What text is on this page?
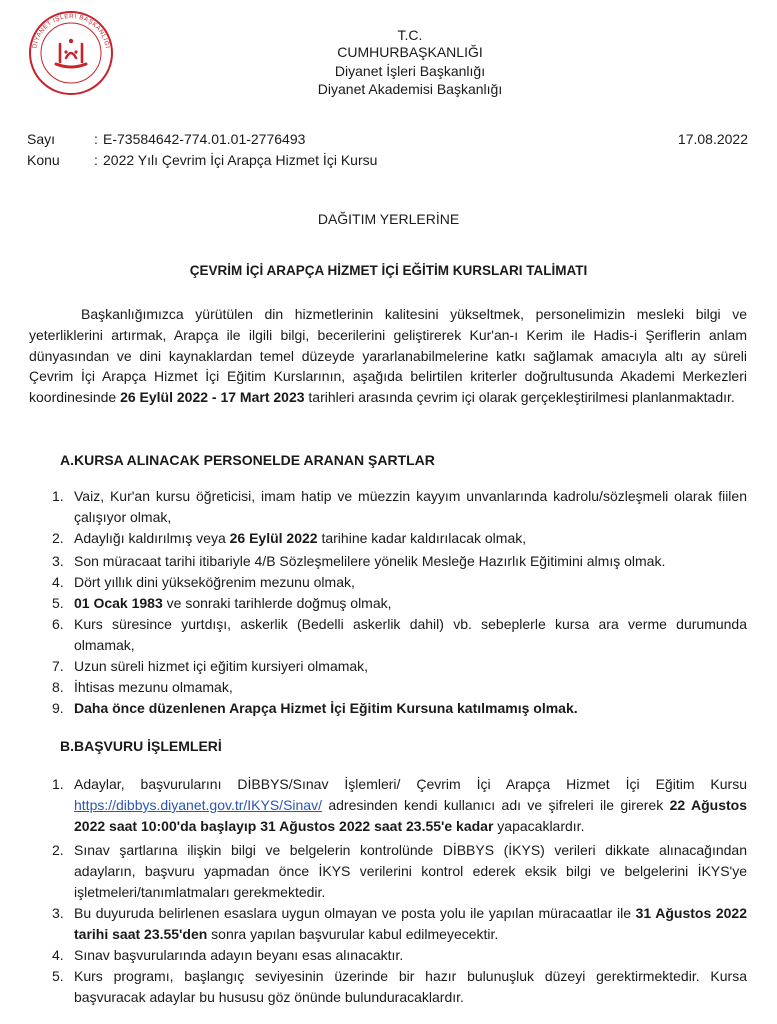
DİYANET İŞLERİ BAŞKANLIĞI
T.C.
CUMHURBAŞKANLIĞI
Diyanet İşleri Başkanlığı
Diyanet Akademisi Başkanlığı
Sayı	: E-73584642-774.01.01-2776493
Konu : 2022 Yılı Çevrim İçi Arapça Hizmet İçi Kursu
17.08.2022
DAĞITIM YERLERİNE
ÇEVRİM İÇİ ARAPÇA HİZMET İÇİ EĞİTİM KURSLARI TALİMATI

Başkanlığımızca yürütülen din hizmetlerinin kalitesini yükseltmek, personelimizin mesleki bilgi ve yeterliklerini artırmak, Arapça ile ilgili bilgi, becerilerini geliştirerek Kur'an-ı Kerim ile Hadis-i Şeriflerin anlam dünyasından ve dini kaynaklardan temel düzeyde yararlanabilmelerine katkı sağlamak amacıyla altı ay süreli Çevrim İçi Arapça Hizmet İçi Eğitim Kurslarının, aşağıda belirtilen kriterler doğrultusunda Akademi Merkezleri koordinesinde 26 Eylül 2022 - 17 Mart 2023 tarihleri arasında çevrim içi olarak gerçekleştirilmesi planlanmaktadır.

A.KURSA ALINACAK PERSONELDE ARANAN ŞARTLAR
1. Vaiz, Kur'an kursu öğreticisi, imam hatip ve müezzin kayyım unvanlarında kadrolu/sözleşmeli olarak fiilen çalışıyor olmak,
2. Adaylığı kaldırılmış veya 26 Eylül 2022 tarihine kadar kaldırılacak olmak,
3. Son müracaat tarihi itibariyle 4/B Sözleşmelilere yönelik Mesleğe Hazırlık Eğitimini almış olmak.
4. Dört yıllık dini yükseköğrenim mezunu olmak,
5. 01 Ocak 1983 ve sonraki tarihlerde doğmuş olmak,
6. Kurs süresince yurtdışı, askerlik (Bedelli askerlik dahil) vb. sebeplerle kursa ara verme durumunda olmamak,
7. Uzun süreli hizmet içi eğitim kursiyeri olmamak,
8. İhtisas mezunu olmamak,
9. Daha önce düzenlenen Arapça Hizmet İçi Eğitim Kursuna katılmamış olmak.
B.BAŞVURU İŞLEMLERİ
1. Adaylar, başvurularını DİBBYS/Sınav İşlemleri/ Çevrim İçi Arapça Hizmet İçi Eğitim Kursu https://dibbys.diyanet.gov.tr/IKYS/Sinav/ adresinden kendi kullanıcı adı ve şifreleri ile girerek 22 Ağustos 2022 saat 10:00'da başlayıp 31 Ağustos 2022 saat 23.55'e kadar yapacaklardır.
2. Sınav şartlarına ilişkin bilgi ve belgelerin kontrolünde DİBBYS (İKYS) verileri dikkate alınacağından adayların, başvuru yapmadan önce İKYS verilerini kontrol ederek eksik bilgi ve belgelerini İKYS'ye işletmeleri/tanımlatmaları gerekmektedir.
3. Bu duyuruda belirlenen esaslara uygun olmayan ve posta yolu ile yapılan müracaatlar ile 31 Ağustos 2022 tarihi saat 23.55'den sonra yapılan başvurular kabul edilmeyecektir.
4. Sınav başvurularında adayın beyanı esas alınacaktır.
5. Kurs programı, başlangıç seviyesinin üzerinde bir hazır bulunuşluk düzeyi gerektirmektedir. Kursa başvuracak adaylar bu hususu göz önünde bulunduracaklardır.
